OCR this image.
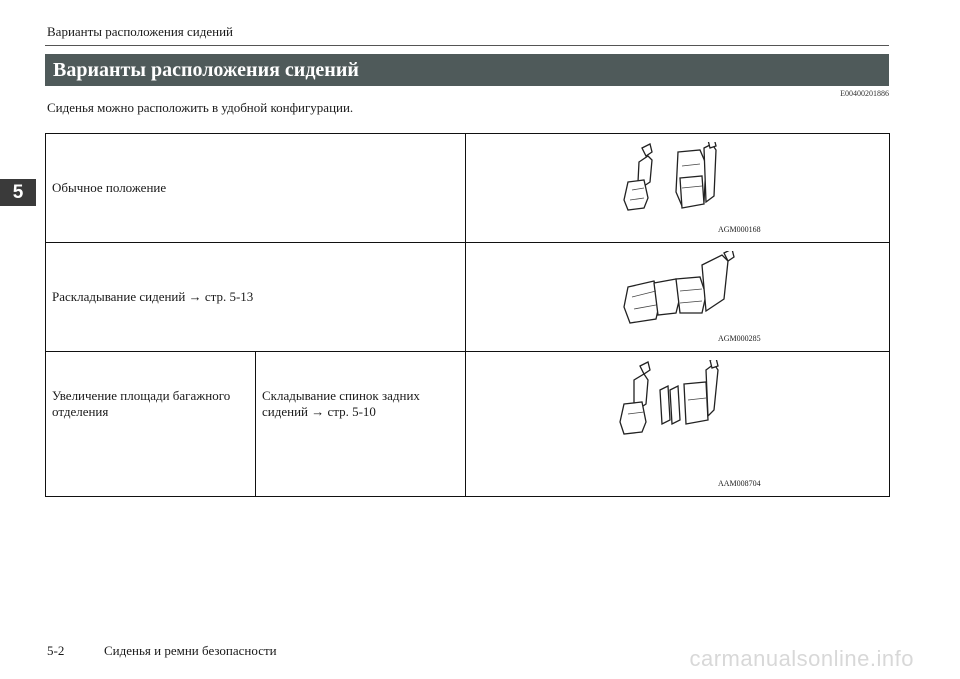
Варианты расположения сидений
Варианты расположения сидений
E00400201886
Сиденья можно расположить в удобной конфигурации.
5	Обычное положение		AGM000168

Раскладывание сидений → стр. 5-13		AGM000285

Увеличение площади багажного отделения	Складывание спинок задних сидений → стр. 5-10	AAM008704
5-2	Сиденья и ремни безопасности	carmanualsonline.info
